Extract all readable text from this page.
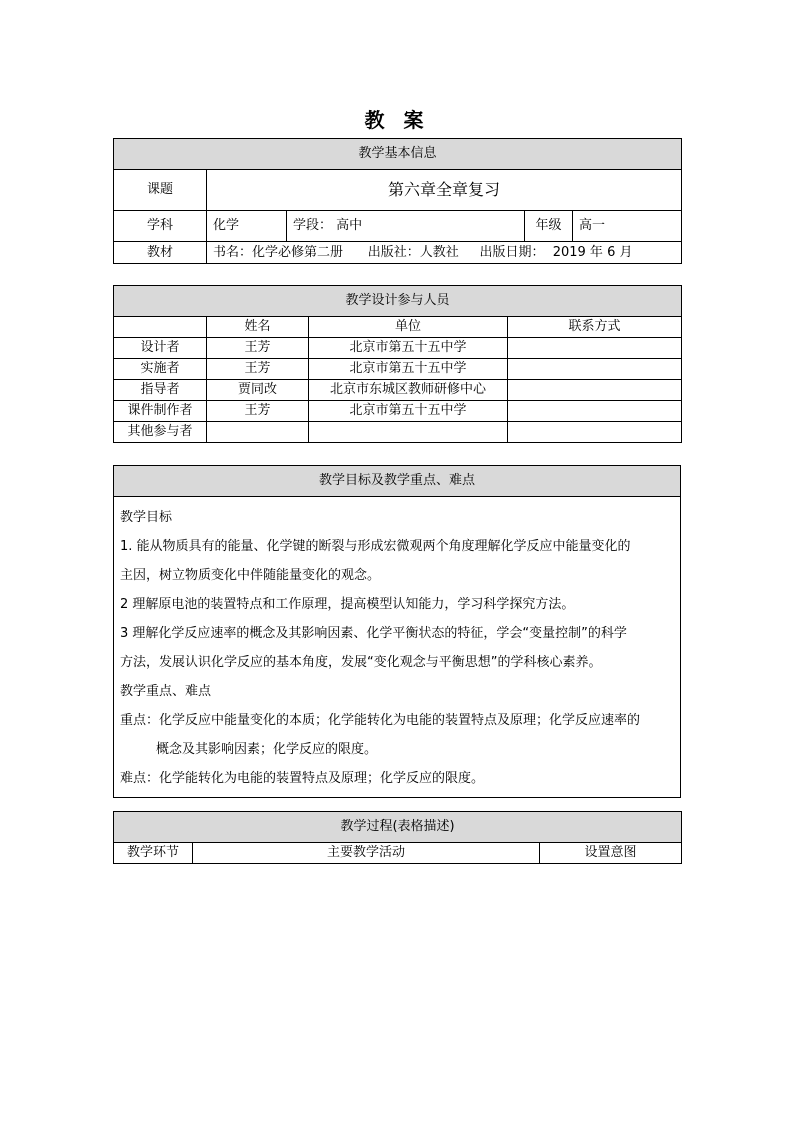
教 案
教学基本信息				
课题	第六章全章复习			
学科	化学	学段： 高中	年级	高一
教材	书名：化学必修第二册      出版社：人教社     出版日期：  2019 年 6 月			
教学设计参与人员			
	姓名	单位	联系方式
设计者	王芳	北京市第五十五中学	
实施者	王芳	北京市第五十五中学	
指导者	贾同改	北京市东城区教师研修中心	
课件制作者	王芳	北京市第五十五中学	
其他参与者			
教学目标及教学重点、难点

教学目标

1. 能从物质具有的能量、化学键的断裂与形成宏微观两个角度理解化学反应中能量变化的

主因，树立物质变化中伴随能量变化的观念。

2 理解原电池的装置特点和工作原理，提高模型认知能力，学习科学探究方法。

3 理解化学反应速率的概念及其影响因素、化学平衡状态的特征，学会“变量控制”的科学

方法，发展认识化学反应的基本角度，发展“变化观念与平衡思想”的学科核心素养。

教学重点、难点

重点：化学反应中能量变化的本质；化学能转化为电能的装置特点及原理；化学反应速率的

概念及其影响因素；化学反应的限度。

难点：化学能转化为电能的装置特点及原理；化学反应的限度。

教学过程(表格描述)
教学环节	主要教学活动	设置意图
